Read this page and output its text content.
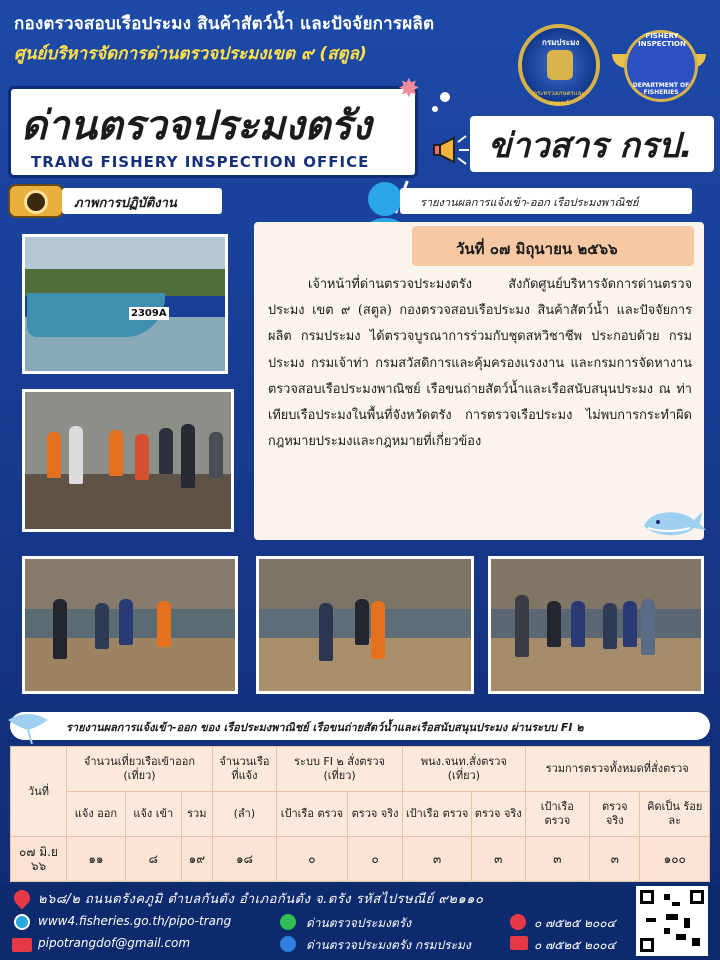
กองตรวจสอบเรือประมง สินค้าสัตว์น้ำ และปัจจัยการผลิต
ศูนย์บริหารจัดการด่านตรวจประมงเขต ๙ (สตูล)
กรมประมง
กระทรวงเกษตรและสหกรณ์
FISHERY INSPECTION
DEPARTMENT OF FISHERIES
ด่านตรวจประมงตรัง
TRANG FISHERY INSPECTION OFFICE
✸
ข่าวสาร กรป.
ภาพการปฏิบัติงาน	รายงานผลการแจ้งเข้า-ออก เรือประมงพาณิชย์
2309A
วันที่ ๐๗ มิถุนายน ๒๕๖๖
เจ้าหน้าที่ด่านตรวจประมงตรัง สังกัดศูนย์บริหารจัดการด่านตรวจประมง เขต ๙ (สตูล) กองตรวจสอบเรือประมง สินค้าสัตว์น้ำ และปัจจัยการผลิต กรมประมง ได้ตรวจบูรณาการร่วมกับชุดสหวิชาชีพ ประกอบด้วย กรมประมง กรมเจ้าท่า กรมสวัสดิการและคุ้มครองแรงงาน และกรมการจัดหางาน ตรวจสอบเรือประมงพาณิชย์ เรือขนถ่ายสัตว์น้ำและเรือสนับสนุนประมง ณ ท่าเทียบเรือประมงในพื้นที่จังหวัดตรัง การตรวจเรือประมง ไม่พบการกระทำผิดกฎหมายประมงและกฎหมายที่เกี่ยวข้อง
รายงานผลการแจ้งเข้า-ออก ของ เรือประมงพาณิชย์ เรือขนถ่ายสัตว์น้ำและเรือสนับสนุนประมง ผ่านระบบ FI ๒
วันที่	จำนวนเที่ยวเรือเข้าออก (เที่ยว)			จำนวนเรือ ที่แจ้ง	ระบบ FI ๒ สั่งตรวจ (เที่ยว)		พนง.จนท.สั่งตรวจ (เที่ยว)		รวมการตรวจทั้งหมดที่สั่งตรวจ		
	แจ้ง ออก	แจ้ง เข้า	รวม	(ลำ)	เป้าเรือ ตรวจ	ตรวจ จริง	เป้าเรือ ตรวจ	ตรวจ จริง	เป้าเรือ ตรวจ	ตรวจ จริง	คิดเป็น ร้อยละ
๐๗ มิ.ย ๖๖	๑๑	๘	๑๙	๑๘	๐	๐	๓	๓	๓	๓	๑๐๐
๒๖๘/๒ ถนนตรังคภูมิ ตำบลกันตัง อำเภอกันตัง จ.ตรัง รหัสไปรษณีย์ ๙๒๑๑๐
www4.fisheries.go.th/pipo-trang
pipotrangdof@gmail.com
ด่านตรวจประมงตรัง
ด่านตรวจประมงตรัง กรมประมง
๐ ๗๕๒๕ ๒๐๐๔
๐ ๗๕๒๕ ๒๐๐๔
